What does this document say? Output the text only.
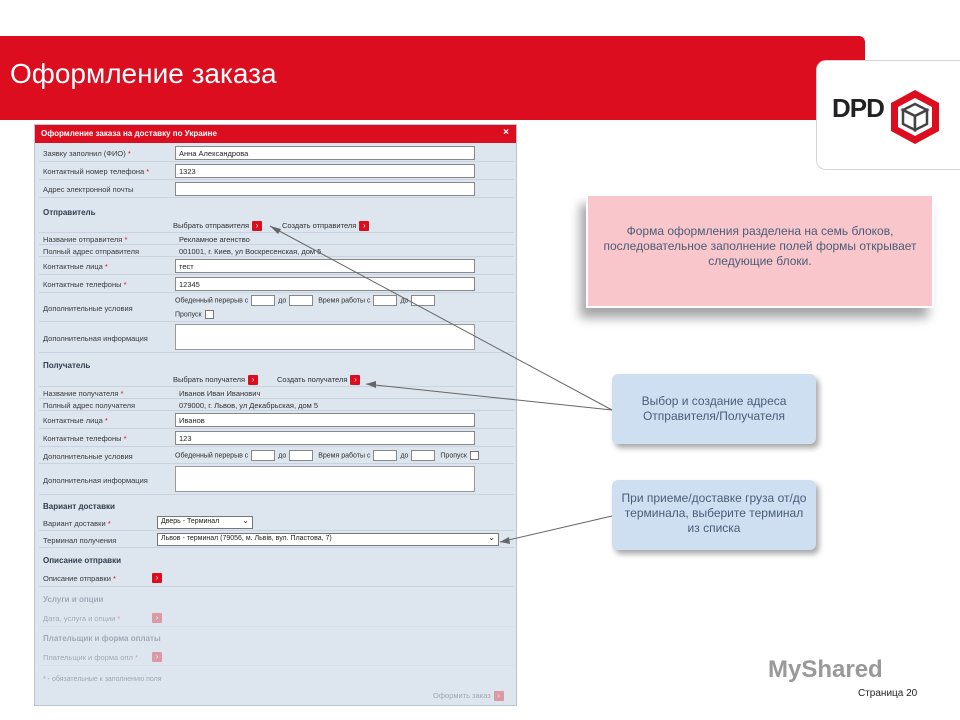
Оформление заказа
DPD
Оформление заказа на доставку по Украине	×
Заявку заполнил (ФИО) *	Анна Александрова
Контактный номер телефона *	1323
Адрес электронной почты
Отправитель
Выбрать отправителя ›	Создать отправителя ›
Название отправителя *	Рекламное агенство
Полный адрес отправителя	001001, г. Киев, ул Воскресенская, дом 5
Контактные лица *	тест
Контактные телефоны *	12345
Дополнительные условия
Обеденный перерыв с	до	Время работы с	до
Пропуск
Дополнительная информация
Получатель
Выбрать получателя ›	Создать получателя ›
Название получателя *	Иванов Иван Иванович
Полный адрес получателя	079000, г. Львов, ул Декабрьская, дом 5
Контактные лица *	Иванов
Контактные телефоны *	123
Дополнительные условия	Обеденный перерыв с	до	Время работы с	до	Пропуск
Дополнительная информация
Вариант доставки
Вариант доставки *	Дверь - Терминал	⌄
Терминал получения	Львов - терминал (79056, м. Львів, вул. Пластова, 7)	⌄
Описание отправки
Описание отправки *	›
Услуги и опции
Дата, услуга и опции *	›
Плательщик и форма оплаты
Плательщик и форма опл *	›
* - обязательные к заполнению поля
Оформить заказ ›
Форма оформления разделена на семь блоков, последовательное заполнение полей формы открывает следующие блоки.
Выбор и создание адреса Отправителя/Получателя
При приеме/доставке груза от/до терминала, выберите терминал из списка
MyShared
Страница 20
